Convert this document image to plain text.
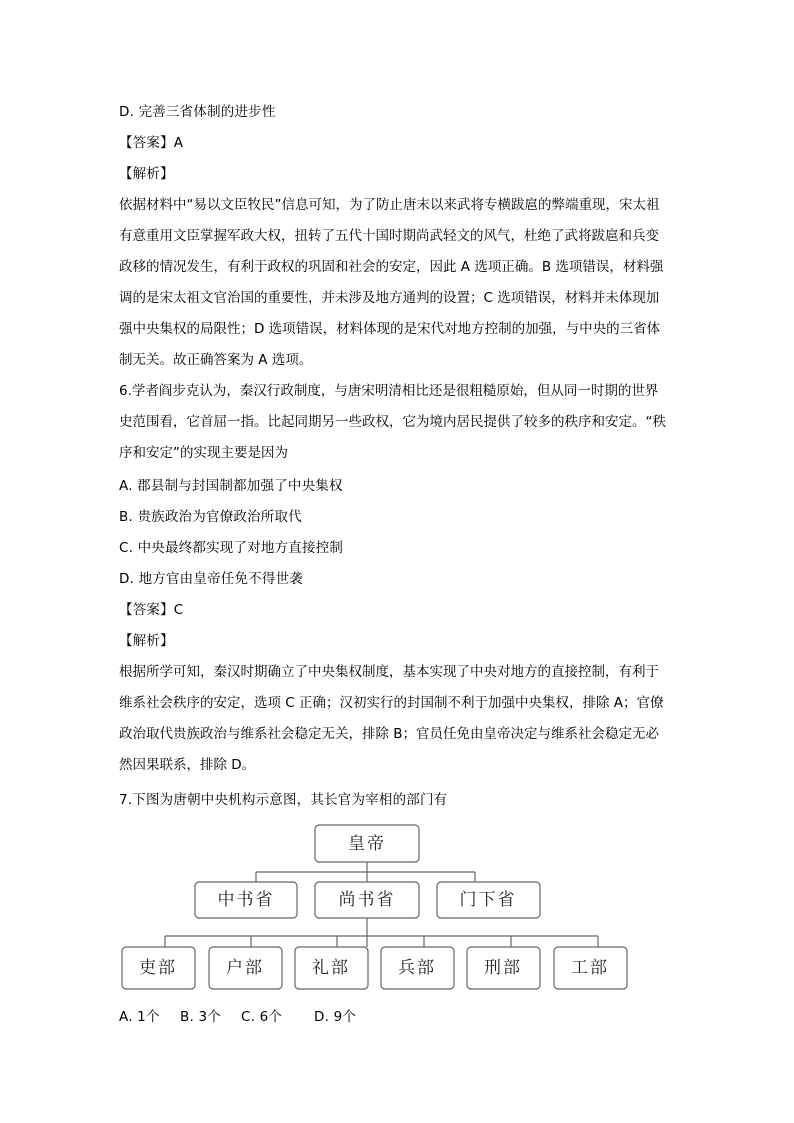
D. 完善三省体制的进步性
【答案】A
【解析】
依据材料中“易以文臣牧民”信息可知，为了防止唐末以来武将专横跋扈的弊端重现，宋太祖
有意重用文臣掌握军政大权，扭转了五代十国时期尚武轻文的风气，杜绝了武将跋扈和兵变
政移的情况发生，有利于政权的巩固和社会的安定，因此 A 选项正确。B 选项错误，材料强
调的是宋太祖文官治国的重要性，并未涉及地方通判的设置；C 选项错误，材料并未体现加
强中央集权的局限性；D 选项错误，材料体现的是宋代对地方控制的加强，与中央的三省体
制无关。故正确答案为 A 选项。
6.学者阎步克认为，秦汉行政制度，与唐宋明清相比还是很粗糙原始，但从同一时期的世界
史范围看，它首屈一指。比起同期另一些政权，它为境内居民提供了较多的秩序和安定。“秩
序和安定”的实现主要是因为
A. 郡县制与封国制都加强了中央集权
B. 贵族政治为官僚政治所取代
C. 中央最终都实现了对地方直接控制
D. 地方官由皇帝任免不得世袭
【答案】C
【解析】
根据所学可知，秦汉时期确立了中央集权制度，基本实现了中央对地方的直接控制，有利于
维系社会秩序的安定，选项 C 正确；汉初实行的封国制不利于加强中央集权，排除 A；官僚
政治取代贵族政治与维系社会稳定无关，排除 B；官员任免由皇帝决定与维系社会稳定无必
然因果联系，排除 D。
7.下图为唐朝中央机构示意图，其长官为宰相的部门有
皇帝
中书省	尚书省	门下省
吏部	户部	礼部	兵部	刑部	工部
A. 1个 B. 3个 C. 6个 D. 9个
